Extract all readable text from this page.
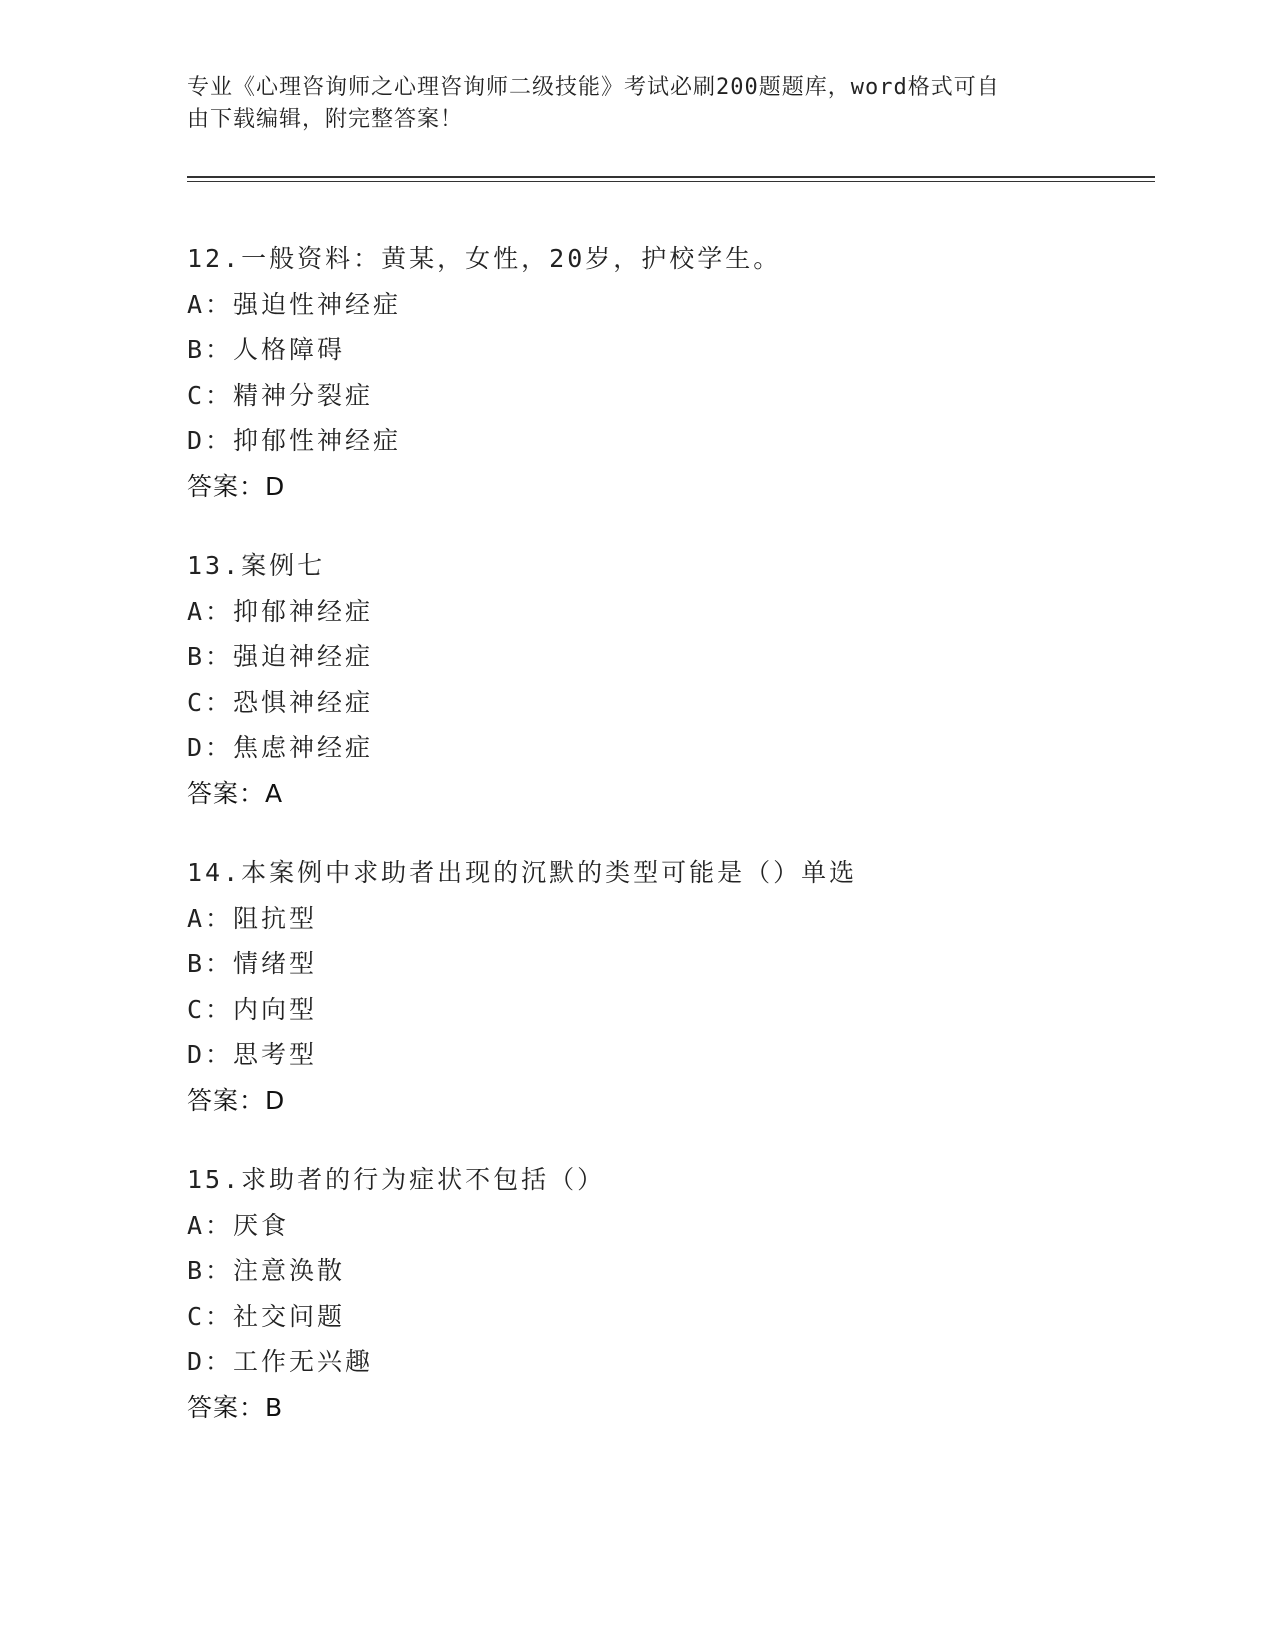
专业《心理咨询师之心理咨询师二级技能》考试必刷200题题库，word格式可自
由下载编辑，附完整答案！
12.一般资料：黄某，女性，20岁，护校学生。
A：强迫性神经症
B：人格障碍
C：精神分裂症
D：抑郁性神经症
答案：D
13.案例七
A：抑郁神经症
B：强迫神经症
C：恐惧神经症
D：焦虑神经症
答案：A
14.本案例中求助者出现的沉默的类型可能是（）单选
A：阻抗型
B：情绪型
C：内向型
D：思考型
答案：D
15.求助者的行为症状不包括（）
A：厌食
B：注意涣散
C：社交问题
D：工作无兴趣
答案：B
